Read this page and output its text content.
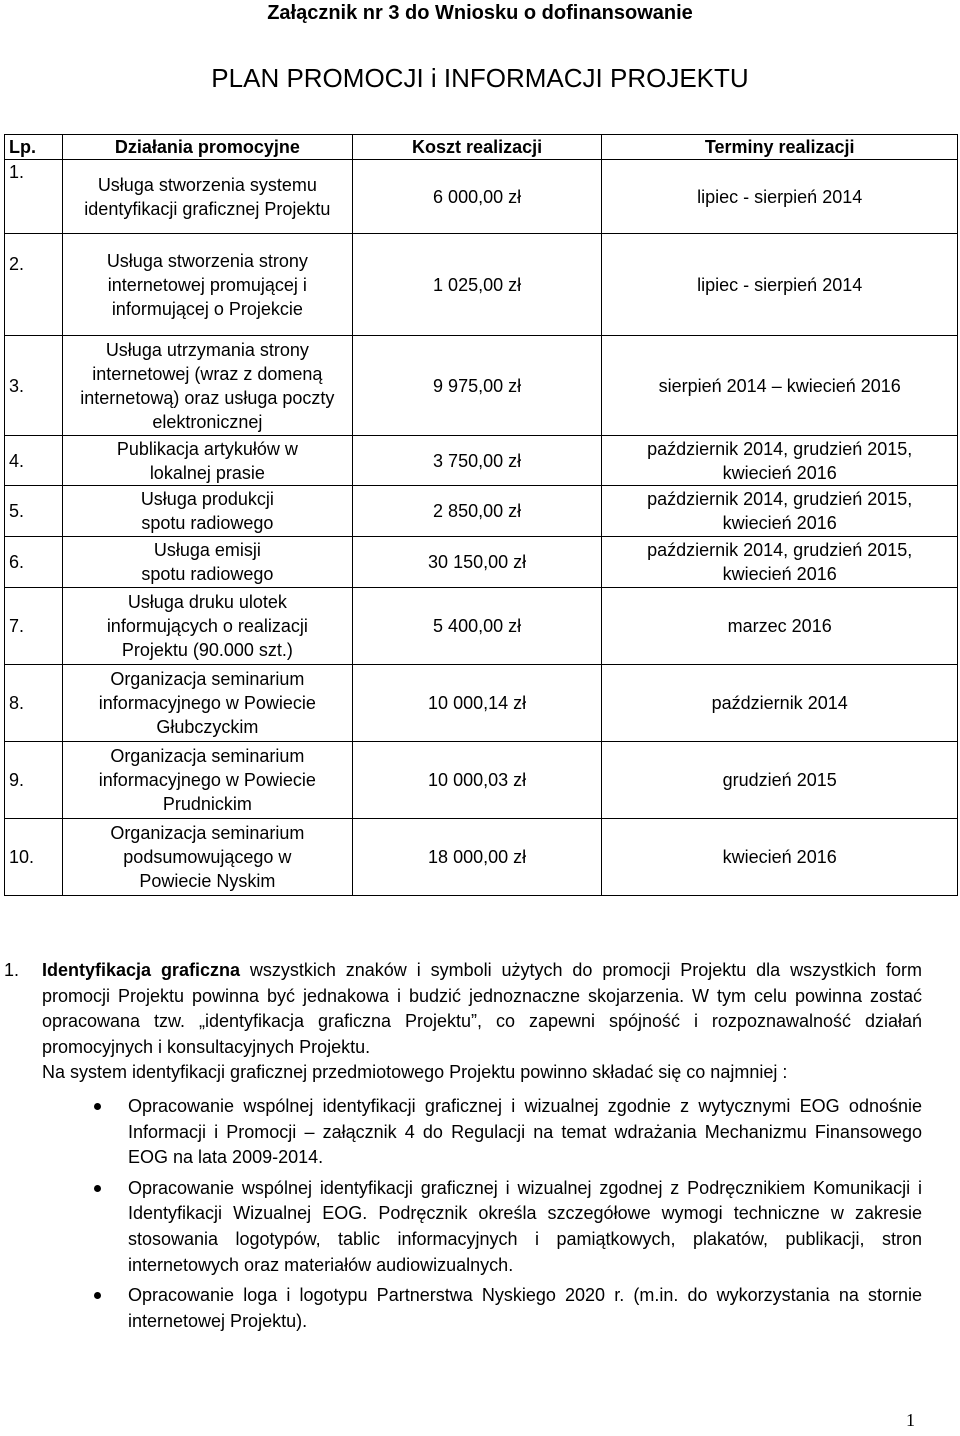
Załącznik nr 3 do Wniosku o dofinansowanie
PLAN PROMOCJI i INFORMACJI PROJEKTU
Lp.	Działania promocyjne	Koszt realizacji	Terminy realizacji
1.	Usługa stworzenia systemu identyfikacji graficznej Projektu	6 000,00 zł	lipiec - sierpień 2014
2.	Usługa stworzenia strony internetowej promującej i informującej o Projekcie	1 025,00 zł	lipiec - sierpień 2014
3.	Usługa utrzymania strony internetowej (wraz z domeną internetową) oraz usługa poczty elektronicznej	9 975,00 zł	sierpień 2014 – kwiecień 2016
4.	Publikacja artykułów w lokalnej prasie	3 750,00 zł	październik 2014, grudzień 2015, kwiecień 2016
5.	Usługa produkcji spotu radiowego	2 850,00 zł	październik 2014, grudzień 2015, kwiecień 2016
6.	Usługa emisji spotu radiowego	30 150,00 zł	październik 2014, grudzień 2015, kwiecień 2016
7.	Usługa druku ulotek informujących o realizacji Projektu (90.000 szt.)	5 400,00 zł	marzec 2016
8.	Organizacja seminarium informacyjnego w Powiecie Głubczyckim	10 000,14 zł	październik 2014
9.	Organizacja seminarium informacyjnego w Powiecie Prudnickim	10 000,03 zł	grudzień 2015
10.	Organizacja seminarium podsumowującego w Powiecie Nyskim	18 000,00 zł	kwiecień 2016

1. Identyfikacja graficzna wszystkich znaków i symboli użytych do promocji Projektu dla wszystkich form promocji Projektu powinna być jednakowa i budzić jednoznaczne skojarzenia. W tym celu powinna zostać opracowana tzw. „identyfikacja graficzna Projektu”, co zapewni spójność i rozpoznawalność działań promocyjnych i konsultacyjnych Projektu.

Na system identyfikacji graficznej przedmiotowego Projektu powinno składać się co najmniej :

Opracowanie wspólnej identyfikacji graficznej i wizualnej zgodnie z wytycznymi EOG odnośnie Informacji i Promocji – załącznik 4 do Regulacji na temat wdrażania Mechanizmu Finansowego EOG na lata 2009-2014.
Opracowanie wspólnej identyfikacji graficznej i wizualnej zgodnej z Podręcznikiem Komunikacji i Identyfikacji Wizualnej EOG. Podręcznik określa szczegółowe wymogi techniczne w zakresie stosowania logotypów, tablic informacyjnych i pamiątkowych, plakatów, publikacji, stron internetowych oraz materiałów audiowizualnych.
Opracowanie loga i logotypu Partnerstwa Nyskiego 2020 r. (m.in. do wykorzystania na stornie internetowej Projektu).
1
